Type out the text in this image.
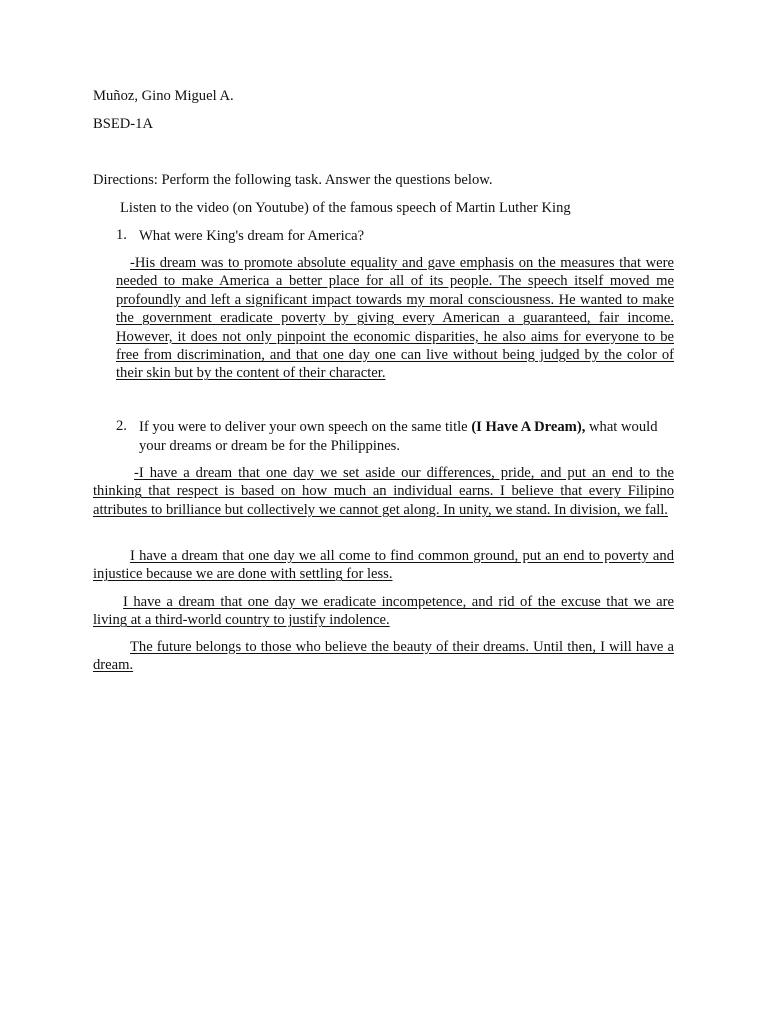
Muñoz, Gino Miguel A.

BSED-1A

Directions: Perform the following task. Answer the questions below.

Listen to the video (on Youtube) of the famous speech of Martin Luther King

1. What were King's dream for America?

-His dream was to promote absolute equality and gave emphasis on the measures that were needed to make America a better place for all of its people. The speech itself moved me profoundly and left a significant impact towards my moral consciousness. He wanted to make the government eradicate poverty by giving every American a guaranteed, fair income. However, it does not only pinpoint the economic disparities, he also aims for everyone to be free from discrimination, and that one day one can live without being judged by the color of their skin but by the content of their character.

2. If you were to deliver your own speech on the same title (I Have A Dream), what would your dreams or dream be for the Philippines.

-I have a dream that one day we set aside our differences, pride, and put an end to the thinking that respect is based on how much an individual earns. I believe that every Filipino attributes to brilliance but collectively we cannot get along. In unity, we stand. In division, we fall.

I have a dream that one day we all come to find common ground, put an end to poverty and injustice because we are done with settling for less.

I have a dream that one day we eradicate incompetence, and rid of the excuse that we are living at a third-world country to justify indolence.

The future belongs to those who believe the beauty of their dreams. Until then, I will have a dream.
